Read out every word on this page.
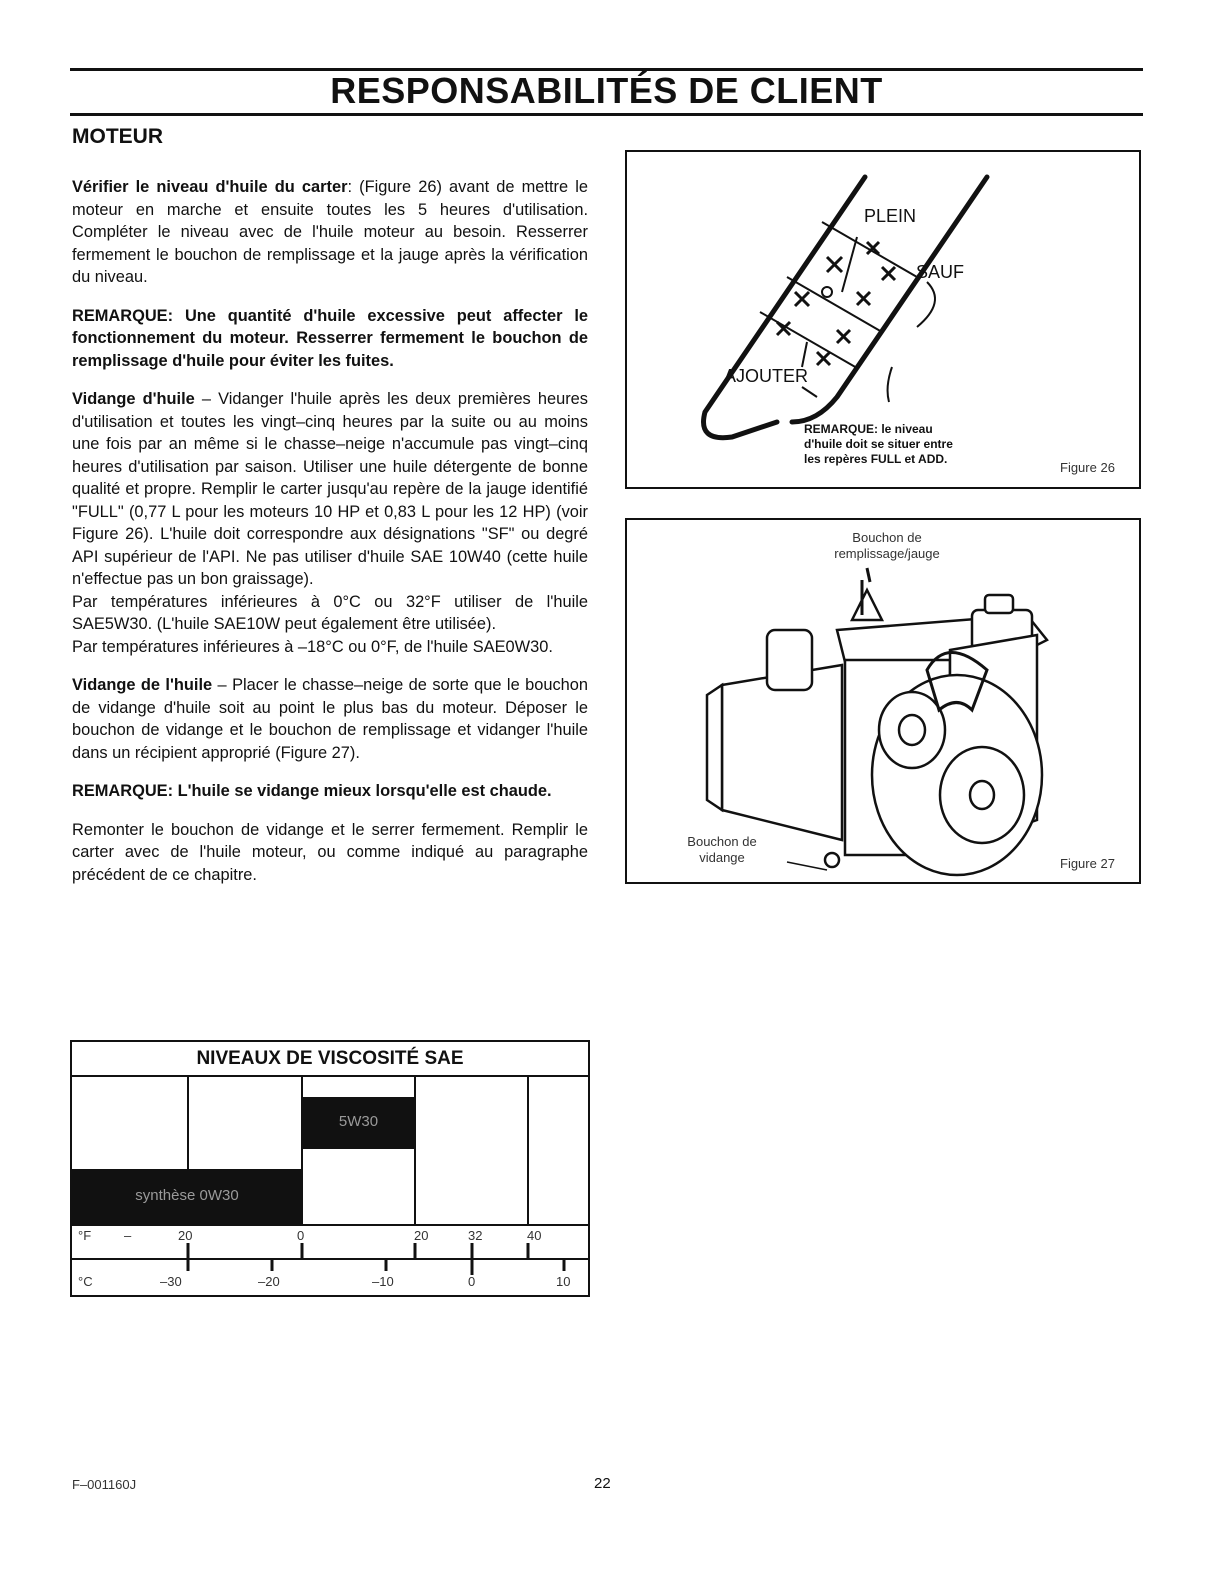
RESPONSABILITÉS DE CLIENT
MOTEUR

Vérifier le niveau d'huile du carter: (Figure 26) avant de mettre le moteur en marche et ensuite toutes les 5 heures d'utilisation. Compléter le niveau avec de l'huile moteur au besoin. Resserrer fermement le bouchon de remplissage et la jauge après la vérification du niveau.

REMARQUE: Une quantité d'huile excessive peut affecter le fonctionnement du moteur. Resserrer fermement le bouchon de remplissage d'huile pour éviter les fuites.

Vidange d'huile – Vidanger l'huile après les deux premières heures d'utilisation et toutes les vingt–cinq heures par la suite ou au moins une fois par an même si le chasse–neige n'accumule pas vingt–cinq heures d'utilisation par saison. Utiliser une huile détergente de bonne qualité et propre. Remplir le carter jusqu'au repère de la jauge identifié "FULL" (0,77 L pour les moteurs 10 HP et 0,83 L pour les 12 HP) (voir Figure 26). L'huile doit correspondre aux désignations "SF" ou degré API supérieur de l'API. Ne pas utiliser d'huile SAE 10W40 (cette huile n'effectue pas un bon graissage).

Par températures inférieures à 0°C ou 32°F utiliser de l'huile SAE5W30. (L'huile SAE10W peut également être utilisée).

Par températures inférieures à –18°C ou 0°F, de l'huile SAE0W30.

Vidange de l'huile – Placer le chasse–neige de sorte que le bouchon de vidange d'huile soit au point le plus bas du moteur. Déposer le bouchon de vidange et le bouchon de remplissage et vidanger l'huile dans un récipient approprié (Figure 27).

REMARQUE: L'huile se vidange mieux lorsqu'elle est chaude.

Remonter le bouchon de vidange et le serrer fermement. Remplir le carter avec de l'huile moteur, ou comme indiqué au paragraphe précédent de ce chapitre.

PLEIN
SAUF
AJOUTER
REMARQUE: le niveau
d'huile doit se situer entre
les repères FULL et ADD.
Figure 26
Bouchon de
remplissage/jauge
Bouchon de
vidange	Figure 27
NIVEAUX DE VISCOSITÉ SAE
5W30
synthèse 0W30
°F	–	20	0	20	32	40
°C	–30	–20	–10	0	10
F–001160J	22
